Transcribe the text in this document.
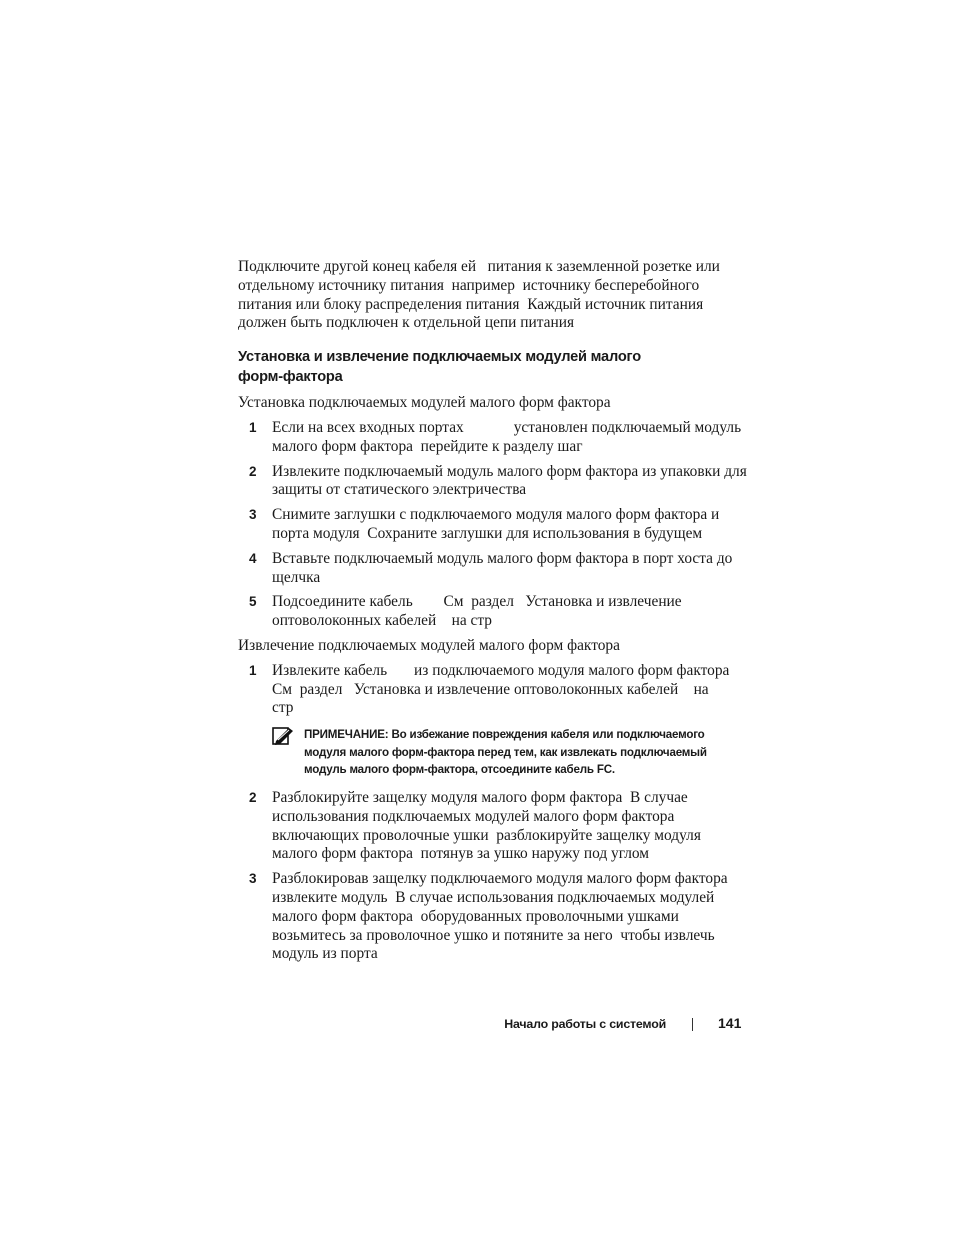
Подключите другой конец кабеля ей   питания к заземленной розетке или
отдельному источнику питания  например  источнику бесперебойного
питания или блоку распределения питания  Каждый источник питания
должен быть подключен к отдельной цепи питания
Установка и извлечение подключаемых модулей малого
форм-фактора
Установка подключаемых модулей малого форм фактора
1 Если на всех входных портах             установлен подключаемый модуль
малого форм фактора  перейдите к разделу шаг
2 Извлеките подключаемый модуль малого форм фактора из упаковки для
защиты от статического электричества
3 Снимите заглушки с подключаемого модуля малого форм фактора и
порта модуля  Сохраните заглушки для использования в будущем
4 Вставьте подключаемый модуль малого форм фактора в порт хоста до
щелчка
5 Подсоедините кабель        См  раздел   Установка и извлечение
оптоволоконных кабелей    на стр
Извлечение подключаемых модулей малого форм фактора
1 Извлеките кабель       из подключаемого модуля малого форм фактора
См  раздел   Установка и извлечение оптоволоконных кабелей    на
стр
ПРИМЕЧАНИЕ: Во избежание повреждения кабеля или подключаемого
модуля малого форм-фактора перед тем, как извлекать подключаемый
модуль малого форм-фактора, отсоедините кабель FC.
2 Разблокируйте защелку модуля малого форм фактора  В случае
использования подключаемых модулей малого форм фактора
включающих проволочные ушки  разблокируйте защелку модуля
малого форм фактора  потянув за ушко наружу под углом
3 Разблокировав защелку подключаемого модуля малого форм фактора
извлеките модуль  В случае использования подключаемых модулей
малого форм фактора  оборудованных проволочными ушками
возьмитесь за проволочное ушко и потяните за него  чтобы извлечь
модуль из порта
Начало работы с системой	141
